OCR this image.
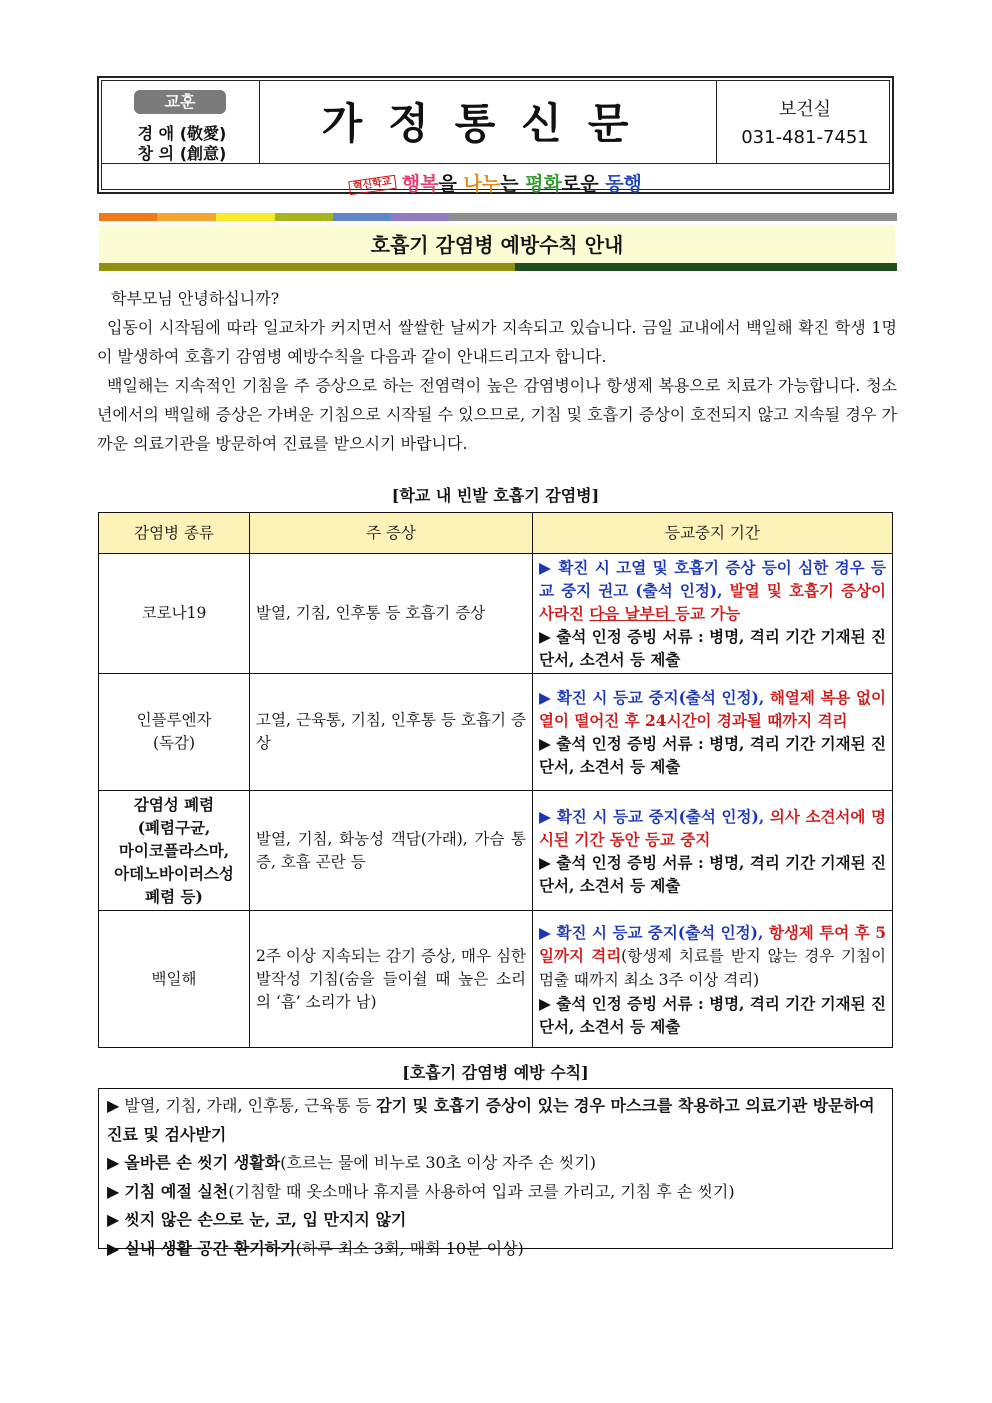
교훈
경 애 (敬愛)
창 의 (創意)
가정통신문	보건실
031-481-7451
혁신학교 행복을 나누는 평화로운 동행
호흡기 감염병 예방수칙 안내
학부모님 안녕하십니까?
입동이 시작됨에 따라 일교차가 커지면서 쌀쌀한 날씨가 지속되고 있습니다. 금일 교내에서 백일해 확진 학생 1명이 발생하여 호흡기 감염병 예방수칙을 다음과 같이 안내드리고자 합니다.
백일해는 지속적인 기침을 주 증상으로 하는 전염력이 높은 감염병이나 항생제 복용으로 치료가 가능합니다. 청소년에서의 백일해 증상은 가벼운 기침으로 시작될 수 있으므로, 기침 및 호흡기 증상이 호전되지 않고 지속될 경우 가까운 의료기관을 방문하여 진료를 받으시기 바랍니다.
[학교 내 빈발 호흡기 감염병]
감염병 종류	주 증상	등교중지 기간
코로나19	발열, 기침, 인후통 등 호흡기 증상	▶ 확진 시 고열 및 호흡기 증상 등이 심한 경우 등교 중지 권고 (출석 인정), 발열 및 호흡기 증상이 사라진 다음 날부터 등교 가능
▶ 출석 인정 증빙 서류 : 병명, 격리 기간 기재된 진단서, 소견서 등 제출
인플루엔자
(독감)	고열, 근육통, 기침, 인후통 등 호흡기 증상	▶ 확진 시 등교 중지(출석 인정), 해열제 복용 없이 열이 떨어진 후 24시간이 경과될 때까지 격리
▶ 출석 인정 증빙 서류 : 병명, 격리 기간 기재된 진단서, 소견서 등 제출
감염성 폐렴
(폐렴구균,
마이코플라스마,
아데노바이러스성
폐렴 등)	발열, 기침, 화농성 객담(가래), 가슴 통증, 호흡 곤란 등	▶ 확진 시 등교 중지(출석 인정), 의사 소견서에 명시된 기간 동안 등교 중지
▶ 출석 인정 증빙 서류 : 병명, 격리 기간 기재된 진단서, 소견서 등 제출
백일해	2주 이상 지속되는 감기 증상, 매우 심한 발작성 기침(숨을 들이쉴 때 높은 소리의 ‘흡’ 소리가 남)	▶ 확진 시 등교 중지(출석 인정), 항생제 투여 후 5일까지 격리(항생제 치료를 받지 않는 경우 기침이 멈출 때까지 최소 3주 이상 격리)
▶ 출석 인정 증빙 서류 : 병명, 격리 기간 기재된 진단서, 소견서 등 제출
[호흡기 감염병 예방 수칙]
▶ 발열, 기침, 가래, 인후통, 근육통 등 감기 및 호흡기 증상이 있는 경우 마스크를 착용하고 의료기관 방문하여 진료 및 검사받기
▶ 올바른 손 씻기 생활화(흐르는 물에 비누로 30초 이상 자주 손 씻기)
▶ 기침 예절 실천(기침할 때 옷소매나 휴지를 사용하여 입과 코를 가리고, 기침 후 손 씻기)
▶ 씻지 않은 손으로 눈, 코, 입 만지지 않기
▶ 실내 생활 공간 환기하기(하루 최소 3회, 매회 10분 이상)
